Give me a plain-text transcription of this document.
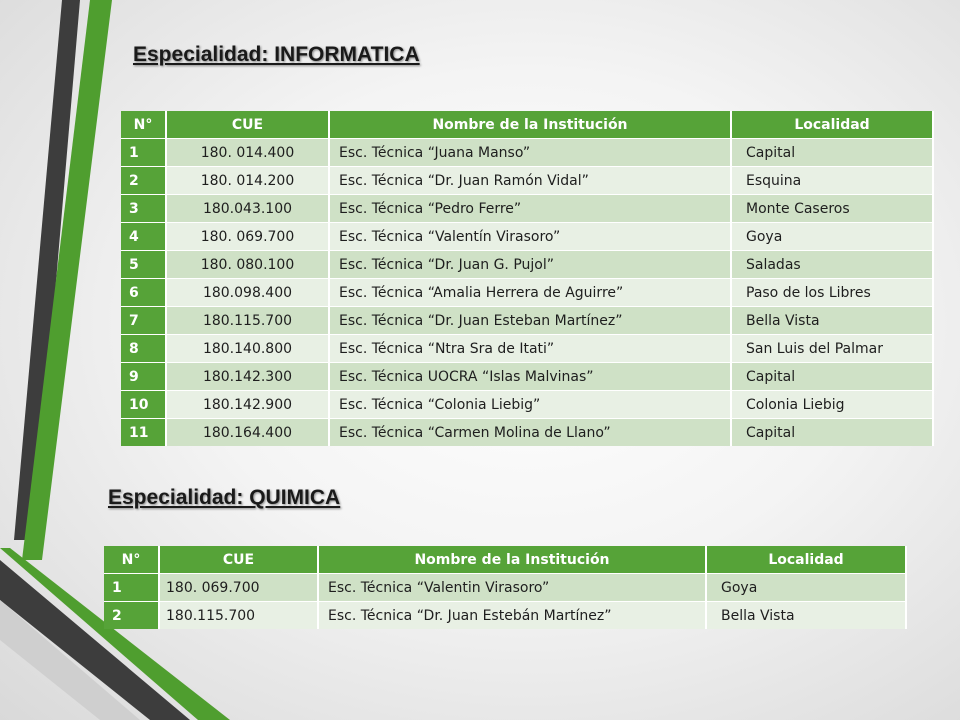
Especialidad: INFORMATICA
N°	CUE	Nombre de la Institución	Localidad
1	180. 014.400	Esc. Técnica “Juana Manso”	Capital
2	180. 014.200	Esc. Técnica “Dr. Juan Ramón Vidal”	Esquina
3	180.043.100	Esc. Técnica “Pedro Ferre”	Monte Caseros
4	180. 069.700	Esc. Técnica “Valentín Virasoro”	Goya
5	180. 080.100	Esc. Técnica “Dr. Juan G. Pujol”	Saladas
6	180.098.400	Esc. Técnica “Amalia Herrera de Aguirre”	Paso de los Libres
7	180.115.700	Esc. Técnica “Dr. Juan Esteban Martínez”	Bella Vista
8	180.140.800	Esc. Técnica “Ntra Sra de Itati”	San Luis del Palmar
9	180.142.300	Esc. Técnica UOCRA “Islas Malvinas”	Capital
10	180.142.900	Esc. Técnica “Colonia Liebig”	Colonia Liebig
11	180.164.400	Esc. Técnica “Carmen Molina de Llano”	Capital
Especialidad: QUIMICA
N°	CUE	Nombre de la Institución	Localidad
1	180. 069.700	Esc. Técnica “Valentin Virasoro”	Goya
2	180.115.700	Esc. Técnica “Dr. Juan Estebán Martínez”	Bella Vista
